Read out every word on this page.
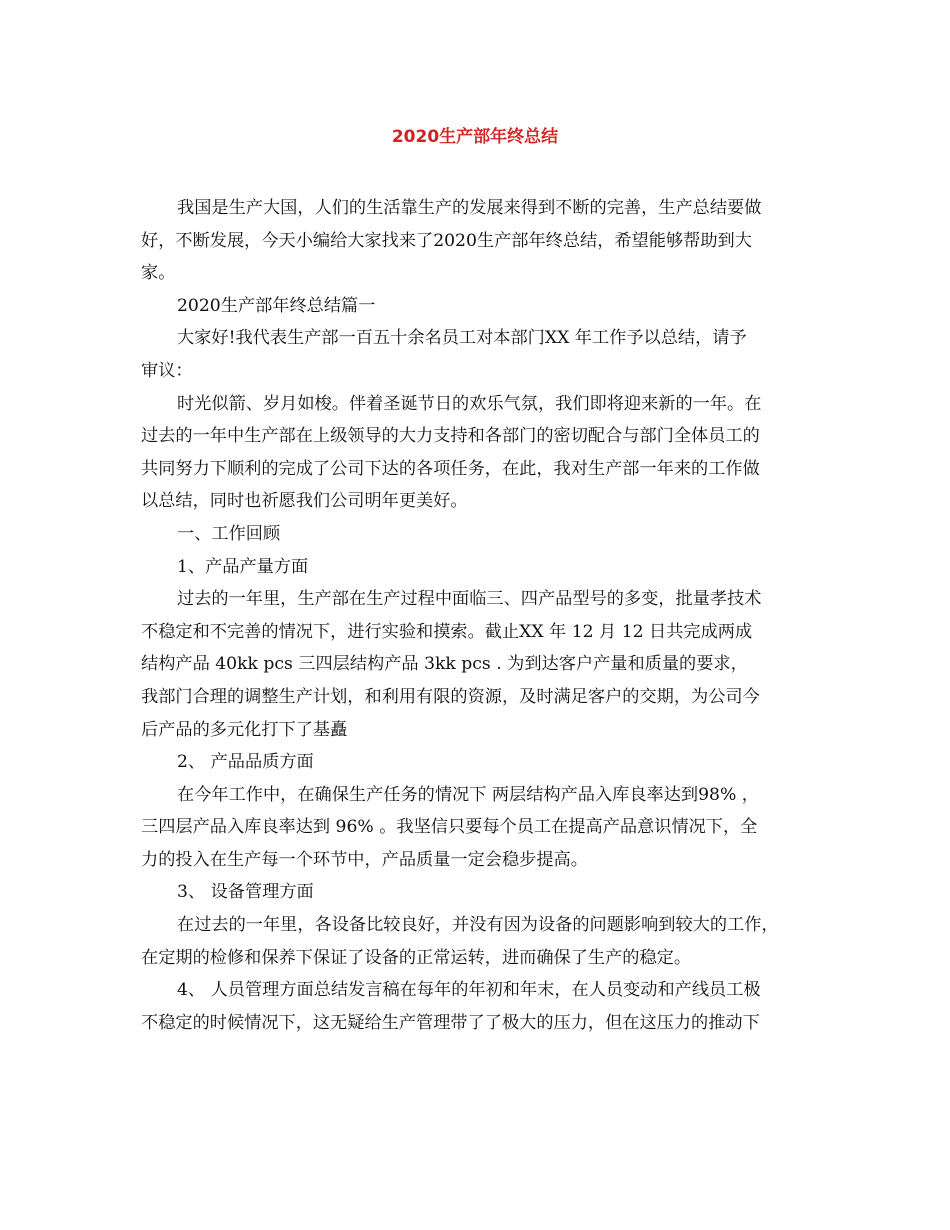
2020生产部年终总结
我国是生产大国，人们的生活靠生产的发展来得到不断的完善，生产总结要做
好，不断发展，今天小编给大家找来了2020生产部年终总结，希望能够帮助到大
家。
2020生产部年终总结篇一
大家好!我代表生产部一百五十余名员工对本部门XX 年工作予以总结，请予
审议：
时光似箭、岁月如梭。伴着圣诞节日的欢乐气氛，我们即将迎来新的一年。在
过去的一年中生产部在上级领导的大力支持和各部门的密切配合与部门全体员工的
共同努力下顺利的完成了公司下达的各项任务，在此，我对生产部一年来的工作做
以总结，同时也祈愿我们公司明年更美好。
一、工作回顾
1、产品产量方面
过去的一年里，生产部在生产过程中面临三、四产品型号的多变，批量孝技术
不稳定和不完善的情况下，进行实验和摸索。截止XX 年 12 月 12 日共完成两成
结构产品 40kk pcs 三四层结构产品 3kk pcs . 为到达客户产量和质量的要求，
我部门合理的调整生产计划，和利用有限的资源，及时满足客户的交期，为公司今
后产品的多元化打下了基矗
2、 产品品质方面
在今年工作中，在确保生产任务的情况下 两层结构产品入库良率达到98% ，
三四层产品入库良率达到 96% 。我坚信只要每个员工在提高产品意识情况下，全
力的投入在生产每一个环节中，产品质量一定会稳步提高。
3、 设备管理方面
在过去的一年里，各设备比较良好，并没有因为设备的问题影响到较大的工作，
在定期的检修和保养下保证了设备的正常运转，进而确保了生产的稳定。
4、 人员管理方面总结发言稿在每年的年初和年末，在人员变动和产线员工极
不稳定的时候情况下，这无疑给生产管理带了了极大的压力，但在这压力的推动下
